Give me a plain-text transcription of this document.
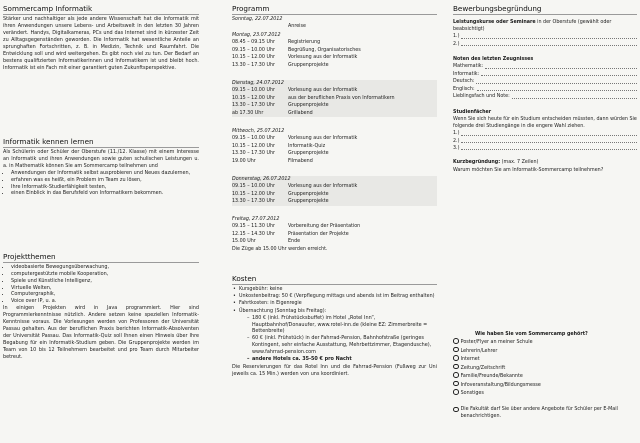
Sommercamp Informatik

Stärker und nachhaltiger als jede andere Wissenschaft hat die Informatik mit ihren Anwendungen unsere Lebens- und Arbeitswelt in den letzten 30 Jahren verändert. Handys, Digitalkameras, PCs und das Internet sind in kürzester Zeit zu Alltagsgegenständen geworden. Die Informatik hat wesentliche Anteile an sprunghaften Fortschritten, z. B. in Medizin, Technik und Raumfahrt. Die Entwicklung soll und wird weitergehen. Es gibt noch viel zu tun. Der Bedarf an bestens qualifizierten Informatikerinnen und Informatikern ist und bleibt hoch. Informatik ist ein Fach mit einer garantiert guten Zukunftsperspektive.

Informatik kennen lernen

Als Schülerin oder Schüler der Oberstufe (11./12. Klasse) mit einem Interesse an Informatik und ihren Anwendungen sowie guten schulischen Leistungen u. a. in Mathematik können Sie am Sommercamp teilnehmen und

• Anwendungen der Informatik selbst ausprobieren und Neues dazulernen,
• erfahren was es heißt, ein Problem im Team zu lösen,
• Ihre Informatik-Studierfähigkeit testen,
• einen Einblick in das Berufsfeld von Informatikern bekommen.
Projektthemen
• videobasierte Bewegungsüberwachung,
• computergestützte mobile Kooperation,
• Spiele und Künstliche Intelligenz,
• Virtuelle Welten,
• Computergraphik,
• Voice over IP, u. a.

In einigen Projekten wird in Java programmiert. Hier sind Programmierkenntnisse nützlich. Andere setzen keine speziellen Informatik-Kenntnisse voraus. Die Vorlesungen werden von Professoren der Universität Passau gehalten. Aus der beruflichen Praxis berichten Informatik-Absolventen der Universität Passau. Das Informatik-Quiz soll Ihnen einen Hinweis über Ihre Begabung für ein Informatik-Studium geben. Die Gruppenprojekte werden im Team von 10 bis 12 Teilnehmern bearbeitet und pro Team durch Mitarbeiter betreut.

Programm
Sonntag, 22.07.2012
Anreise
Montag, 23.07.2012
08.45 – 09.15 Uhr	Registrierung
09.15 – 10.00 Uhr	Begrüßung, Organisatorisches
10.15 – 12.00 Uhr	Vorlesung aus der Informatik
13.30 – 17.30 Uhr	Gruppenprojekte
Dienstag, 24.07.2012
09.15 – 10.00 Uhr	Vorlesung aus der Informatik
10.15 – 12.00 Uhr	aus der beruflichen Praxis von Informatikern
13.30 – 17.30 Uhr	Gruppenprojekte
ab 17.30 Uhr	Grillabend
Mittwoch, 25.07.2012
09.15 – 10.00 Uhr	Vorlesung aus der Informatik
10.15 – 12.00 Uhr	Informatik-Quiz
13.30 – 17.30 Uhr	Gruppenprojekte
19.00 Uhr	Filmabend
Donnerstag, 26.07.2012
09.15 – 10.00 Uhr	Vorlesung aus der Informatik
10.15 – 12.00 Uhr	Gruppenprojekte
13.30 – 17.30 Uhr	Gruppenprojekte
Freitag, 27.07.2012
09.15 – 11.30 Uhr	Vorbereitung der Präsentation
12.15 – 14.30 Uhr	Präsentation der Projekte
15.00 Uhr	Ende
Die Züge ab 15.00 Uhr werden erreicht.
Kosten
• Kursgebühr: keine
• Unkostenbeitrag: 50 € (Verpflegung mittags und abends ist im Beitrag enthalten)
• Fahrtkosten: in Eigenregie
• Übernachtung (Sonntag bis Freitag):
– 180 € (inkl. Frühstücksbuffet) im Hotel „Rotel Inn“, Hauptbahnhof/Donauufer, www.rotel-inn.de (kleine EZ: Zimmerbreite = Bettenbreite)
– 60 € (inkl. Frühstück) in der Fahrrad-Pension, Bahnhofstraße (geringes Kontingent, sehr einfache Ausstattung, Mehrbettzimmer, Etagendusche), www.fahrrad-pension.com
– andere Hotels ca. 35-50 € pro Nacht

Die Reservierungen für das Rotel Inn und die Fahrrad-Pension (Fußweg zur Uni jeweils ca. 15 Min.) werden von uns koordiniert.

Bewerbungsbegründung
Leistungskurse oder Seminare in der Oberstufe (gewählt oder beabsichtigt)
1.)
2.)
Noten des letzten Zeugnisses
Mathematik:
Informatik:
Deutsch:
Englisch:
Lieblingsfach und Note:
Studienfächer
Wenn Sie sich heute für ein Studium entscheiden müssten, dann würden Sie folgende drei Studiengänge in die engere Wahl ziehen.
1.)
2.)
3.)
Kurzbegründung: (max. 7 Zeilen)
Warum möchten Sie am Informatik-Sommercamp teilnehmen?
Wie haben Sie vom Sommercamp gehört?
Poster/Flyer an meiner Schule
Lehrerin/Lehrer
Internet
Zeitung/Zeitschrift
Familie/Freunde/Bekannte
Infoveranstaltung/Bildungsmesse
Sonstiges
Die Fakultät darf Sie über andere Angebote für Schüler per E-Mail benachrichtigen.
